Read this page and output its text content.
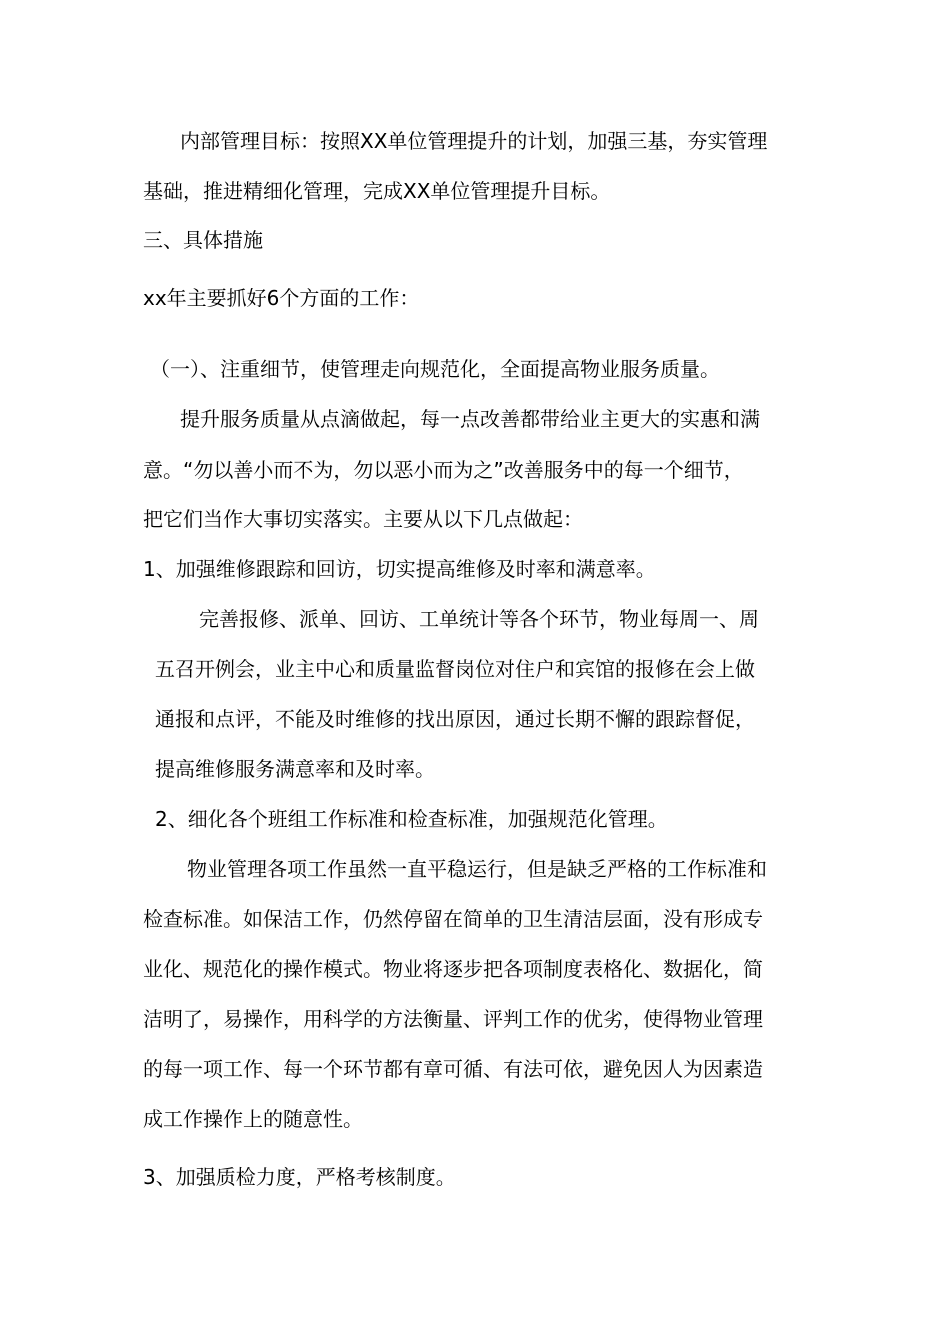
内部管理目标：按照XX单位管理提升的计划，加强三基，夯实管理
基础，推进精细化管理，完成XX单位管理提升目标。
三、具体措施
xx年主要抓好6个方面的工作：
（一）、注重细节，使管理走向规范化，全面提高物业服务质量。
提升服务质量从点滴做起，每一点改善都带给业主更大的实惠和满
意。“勿以善小而不为，勿以恶小而为之”改善服务中的每一个细节，
把它们当作大事切实落实。主要从以下几点做起：
1、加强维修跟踪和回访，切实提高维修及时率和满意率。
完善报修、派单、回访、工单统计等各个环节，物业每周一、周
五召开例会，业主中心和质量监督岗位对住户和宾馆的报修在会上做
通报和点评，不能及时维修的找出原因，通过长期不懈的跟踪督促，
提高维修服务满意率和及时率。
2、细化各个班组工作标准和检查标准，加强规范化管理。
物业管理各项工作虽然一直平稳运行，但是缺乏严格的工作标准和
检查标准。如保洁工作，仍然停留在简单的卫生清洁层面，没有形成专
业化、规范化的操作模式。物业将逐步把各项制度表格化、数据化，简
洁明了，易操作，用科学的方法衡量、评判工作的优劣，使得物业管理
的每一项工作、每一个环节都有章可循、有法可依，避免因人为因素造
成工作操作上的随意性。
3、加强质检力度，严格考核制度。
